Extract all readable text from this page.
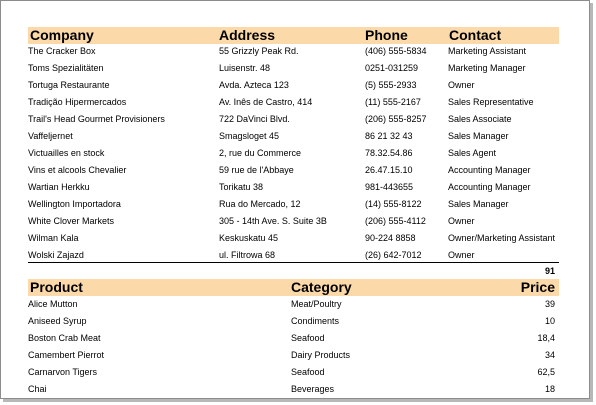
Company	Address	Phone	Contact
The Cracker Box	55 Grizzly Peak Rd.	(406) 555-5834 Marketing Assistant
Toms Spezialitäten	Luisenstr. 48	0251-031259	Marketing Manager
Tortuga Restaurante	Avda. Azteca 123	(5) 555-2933	Owner
Tradição Hipermercados	Av. Inês de Castro, 414	(11) 555-2167	Sales Representative
Trail's Head Gourmet Provisioners	722 DaVinci Blvd.	(206) 555-8257 Sales Associate
Vaffeljernet	Smagsloget 45	86 21 32 43	Sales Manager
Victuailles en stock	2, rue du Commerce	78.32.54.86	Sales Agent
Vins et alcools Chevalier	59 rue de l'Abbaye	26.47.15.10	Accounting Manager
Wartian Herkku	Torikatu 38	981-443655	Accounting Manager
Wellington Importadora	Rua do Mercado, 12	(14) 555-8122	Sales Manager
White Clover Markets	305 - 14th Ave. S. Suite 3B	(206) 555-4112 Owner
Wilman Kala	Keskuskatu 45	90-224 8858	Owner/Marketing Assistant
Wolski Zajazd	ul. Filtrowa 68	(26) 642-7012	Owner
91
Product	Category	Price
Alice Mutton	Meat/Poultry	39
Aniseed Syrup	Condiments	10
Boston Crab Meat	Seafood	18,4
Camembert Pierrot	Dairy Products	34
Carnarvon Tigers	Seafood	62,5
Chai	Beverages	18
